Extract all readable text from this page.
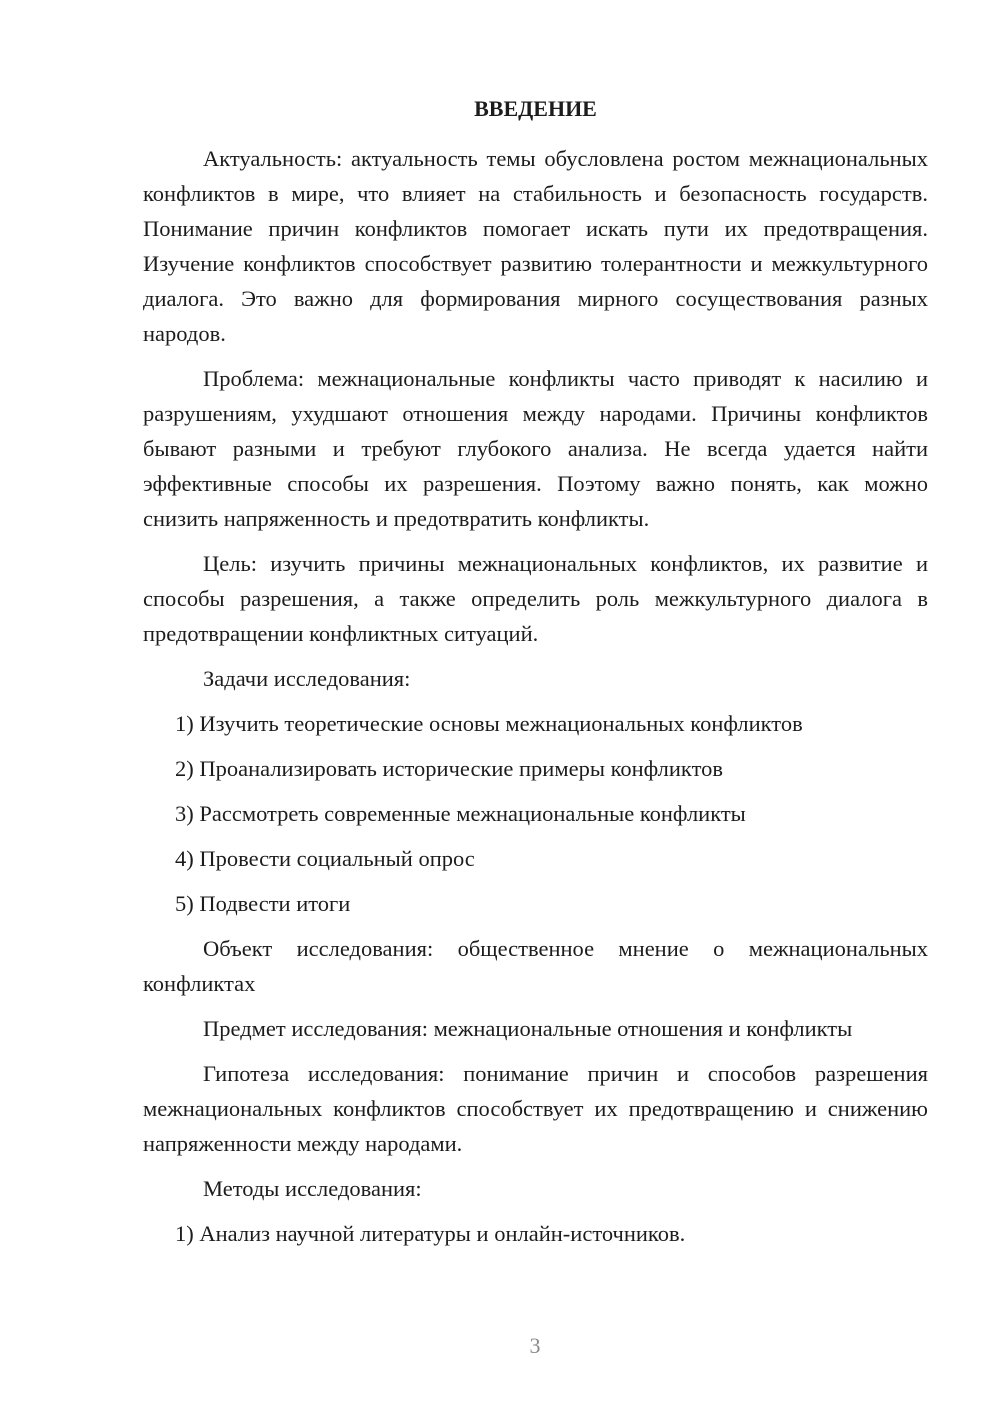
ВВЕДЕНИЕ

Актуальность: актуальность темы обусловлена ростом межнациональных конфликтов в мире, что влияет на стабильность и безопасность государств. Понимание причин конфликтов помогает искать пути их предотвращения. Изучение конфликтов способствует развитию толерантности и межкультурного диалога. Это важно для формирования мирного сосуществования разных народов.

Проблема: межнациональные конфликты часто приводят к насилию и разрушениям, ухудшают отношения между народами. Причины конфликтов бывают разными и требуют глубокого анализа. Не всегда удается найти эффективные способы их разрешения. Поэтому важно понять, как можно снизить напряженность и предотвратить конфликты.

Цель: изучить причины межнациональных конфликтов, их развитие и способы разрешения, а также определить роль межкультурного диалога в предотвращении конфликтных ситуаций.

Задачи исследования:

1) Изучить теоретические основы межнациональных конфликтов

2) Проанализировать исторические примеры конфликтов

3) Рассмотреть современные межнациональные конфликты

4) Провести социальный опрос

5) Подвести итоги

Объект исследования: общественное мнение о межнациональных конфликтах

Предмет исследования: межнациональные отношения и конфликты

Гипотеза исследования: понимание причин и способов разрешения межнациональных конфликтов способствует их предотвращению и снижению напряженности между народами.

Методы исследования:

1) Анализ научной литературы и онлайн-источников.

3
